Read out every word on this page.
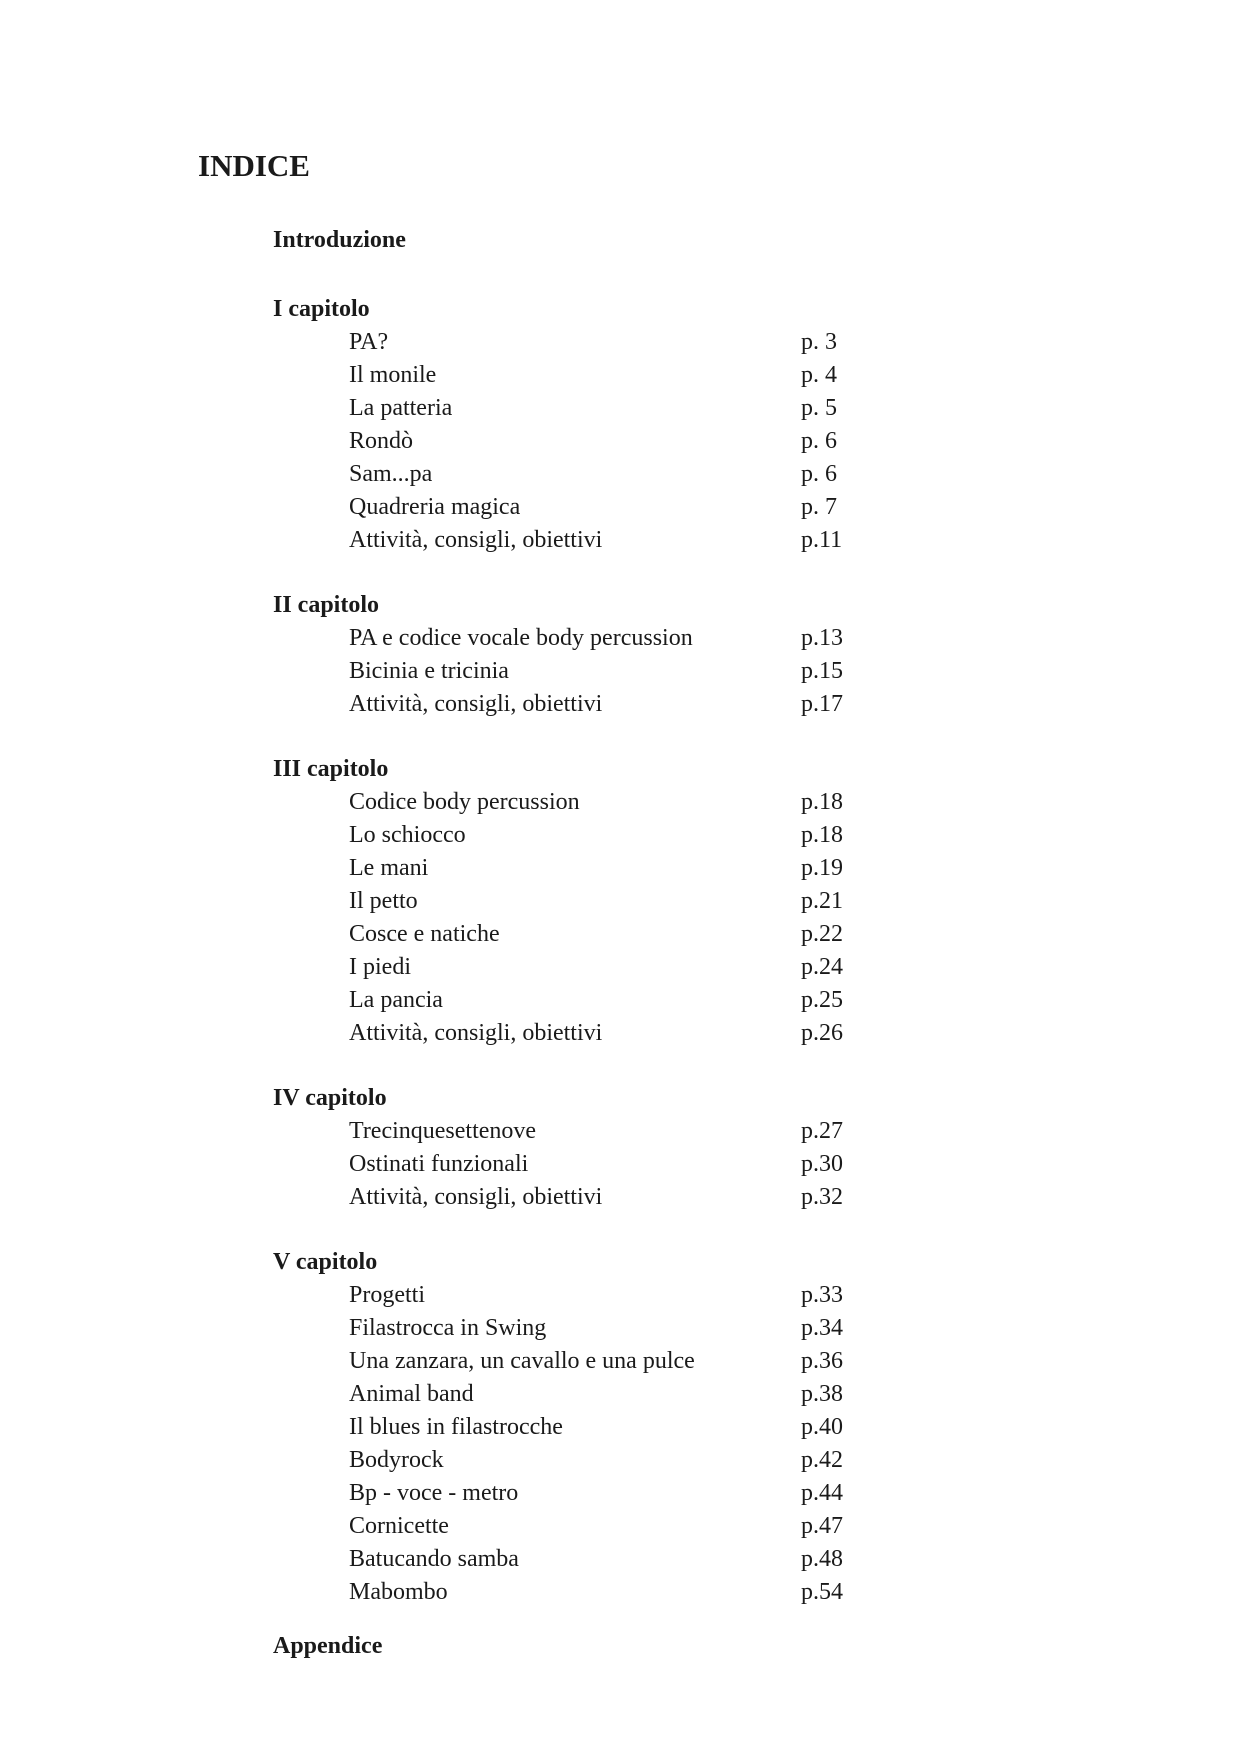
INDICE
Introduzione
I capitolo
PA?	p. 3
Il monile	p. 4
La patteria	p. 5
Rondò	p. 6
Sam...pa	p. 6
Quadreria magica	p. 7
Attività, consigli, obiettivi	p.11
II capitolo
PA e codice vocale body percussion	p.13
Bicinia e tricinia	p.15
Attività, consigli, obiettivi	p.17
III capitolo
Codice body percussion	p.18
Lo schiocco	p.18
Le mani	p.19
Il petto	p.21
Cosce e natiche	p.22
I piedi	p.24
La pancia	p.25
Attività, consigli, obiettivi	p.26
IV capitolo
Trecinquesettenove	p.27
Ostinati funzionali	p.30
Attività, consigli, obiettivi	p.32
V capitolo
Progetti	p.33
Filastrocca in Swing	p.34
Una zanzara, un cavallo e una pulce	p.36
Animal band	p.38
Il blues in filastrocche	p.40
Bodyrock	p.42
Bp - voce - metro	p.44
Cornicette	p.47
Batucando samba	p.48
Mabombo	p.54
Appendice
